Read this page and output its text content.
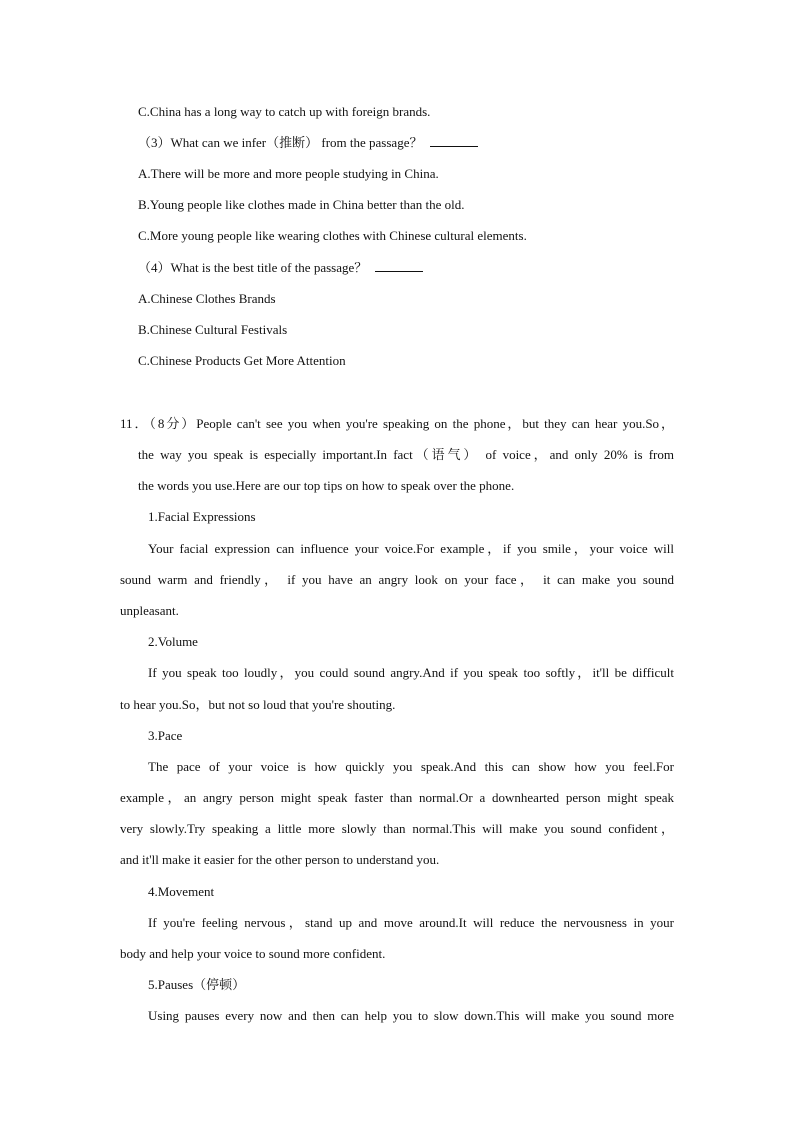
C.China has a long way to catch up with foreign brands.
（3）What can we infer（推断） from the passage？
A.There will be more and more people studying in China.
B.Young people like clothes made in China better than the old.
C.More young people like wearing clothes with Chinese cultural elements.
（4）What is the best title of the passage？
A.Chinese Clothes Brands
B.Chinese Cultural Festivals
C.Chinese Products Get More Attention
11．（8分）People can't see you when you're speaking on the phone，but they can hear you.So，
the way you speak is especially important.In fact（语气） of voice，and only 20% is from
the words you use.Here are our top tips on how to speak over the phone.
1.Facial Expressions
Your facial expression can influence your voice.For example，if you smile，your voice will
sound warm and friendly， if you have an angry look on your face， it can make you sound
unpleasant.
2.Volume
If you speak too loudly，you could sound angry.And if you speak too softly，it'll be difficult
to hear you.So，but not so loud that you're shouting.
3.Pace
The pace of your voice is how quickly you speak.And this can show how you feel.For
example，an angry person might speak faster than normal.Or a downhearted person might speak
very slowly.Try speaking a little more slowly than normal.This will make you sound confident，
and it'll make it easier for the other person to understand you.
4.Movement
If you're feeling nervous，stand up and move around.It will reduce the nervousness in your
body and help your voice to sound more confident.
5.Pauses（停顿）
Using pauses every now and then can help you to slow down.This will make you sound more
